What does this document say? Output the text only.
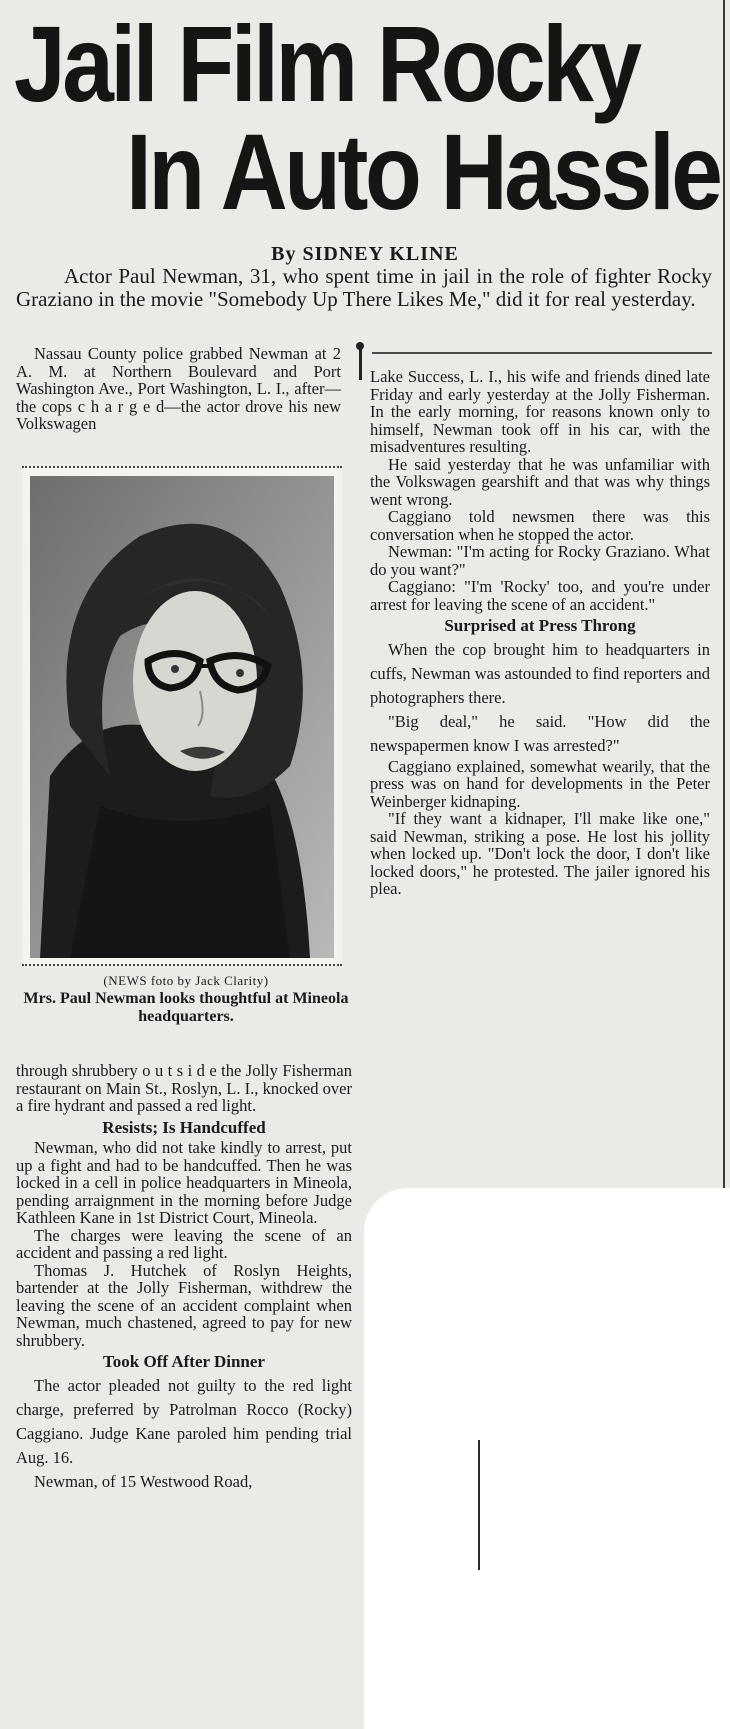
Jail Film Rocky
In Auto Hassle
By SIDNEY KLINE
Actor Paul Newman, 31, who spent time in jail in the role of fighter Rocky Graziano in the movie "Somebody Up There Likes Me," did it for real yesterday.

Nassau County police grabbed Newman at 2 A. M. at Northern Boulevard and Port Washington Ave., Port Washington, L. I., after—the cops c h a r g e d—the actor drove his new Volkswagen

(NEWS foto by Jack Clarity)
Mrs. Paul Newman looks thoughtful at Mineola headquarters.

through shrubbery o u t s i d e the Jolly Fisherman restaurant on Main St., Roslyn, L. I., knocked over a fire hydrant and passed a red light.

Resists; Is Handcuffed

Newman, who did not take kindly to arrest, put up a fight and had to be handcuffed. Then he was locked in a cell in police headquarters in Mineola, pending arraignment in the morning before Judge Kathleen Kane in 1st District Court, Mineola.

The charges were leaving the scene of an accident and passing a red light.

Thomas J. Hutchek of Roslyn Heights, bartender at the Jolly Fisherman, withdrew the leaving the scene of an accident complaint when Newman, much chastened, agreed to pay for new shrubbery.

Took Off After Dinner

The actor pleaded not guilty to the red light charge, preferred by Patrolman Rocco (Rocky) Caggiano. Judge Kane paroled him pending trial Aug. 16.

Newman, of 15 Westwood Road,

Lake Success, L. I., his wife and friends dined late Friday and early yesterday at the Jolly Fisherman. In the early morning, for reasons known only to himself, Newman took off in his car, with the misadventures resulting.

He said yesterday that he was unfamiliar with the Volkswagen gearshift and that was why things went wrong.

Caggiano told newsmen there was this conversation when he stopped the actor.

Newman: "I'm acting for Rocky Graziano. What do you want?"

Caggiano: "I'm 'Rocky' too, and you're under arrest for leaving the scene of an accident."

Surprised at Press Throng

When the cop brought him to headquarters in cuffs, Newman was astounded to find reporters and photographers there.

"Big deal," he said. "How did the newspapermen know I was arrested?"

Caggiano explained, somewhat wearily, that the press was on hand for developments in the Peter Weinberger kidnaping.

"If they want a kidnaper, I'll make like one," said Newman, striking a pose. He lost his jollity when locked up. "Don't lock the door, I don't like locked doors," he protested. The jailer ignored his plea.
